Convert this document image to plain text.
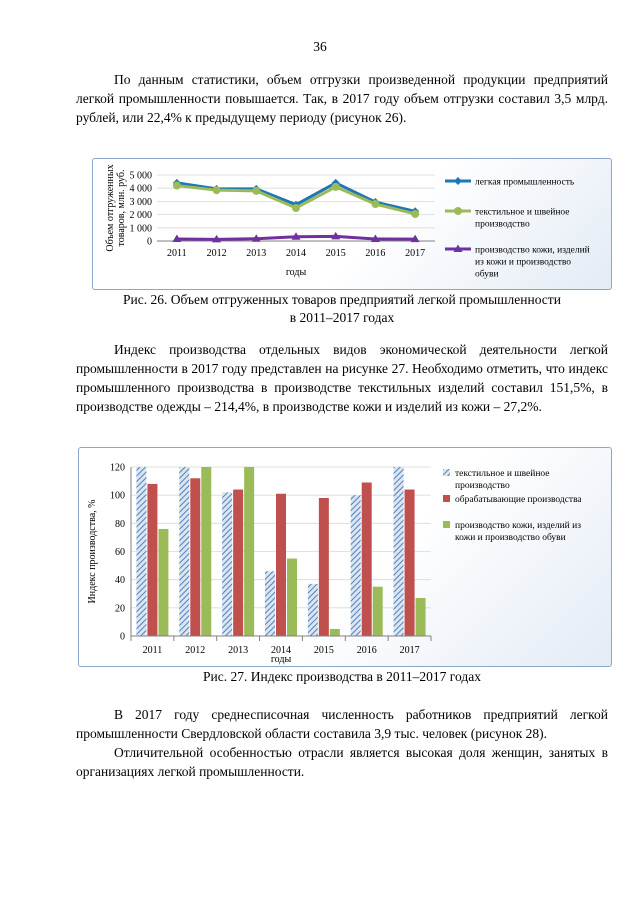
36

По данным статистики, объем отгрузки произведенной продукции предприятий легкой промышленности повышается. Так, в 2017 году объем отгрузки составил 3,5 млрд. рублей, или 22,4% к предыдущему периоду (рисунок 26).

0
1 000
2 000
3 000
4 000
5 000
2011 2012 2013 2014 2015 2016 2017
годы
Объем отгруженныхтоваров, млн. руб.	легкая промышленность
текстильное и швейное
производство
производство кожи, изделий
из кожи и производство
обуви

Рис. 26. Объем отгруженных товаров предприятий легкой промышленности
в 2011–2017 годах

Индекс производства отдельных видов экономической деятельности легкой промышленности в 2017 году представлен на рисунке 27. Необходимо отметить, что индекс промышленного производства в производстве текстильных изделий составил 151,5%, в производстве одежды – 214,4%, в производстве кожи и изделий из кожи – 27,2%.

0
20
40
60
80
100
120
2011 2012 2013 2014 2015 2016 2017
годы
Индекс производства, %
текстильное и швейное
производство
обрабатывающие производства
производство кожи, изделий из
кожи и производство обуви

Рис. 27. Индекс производства в 2011–2017 годах

В 2017 году среднесписочная численность работников предприятий легкой промышленности Свердловской области составила 3,9 тыс. человек (рисунок 28).

Отличительной особенностью отрасли является высокая доля женщин, занятых в организациях легкой промышленности.
